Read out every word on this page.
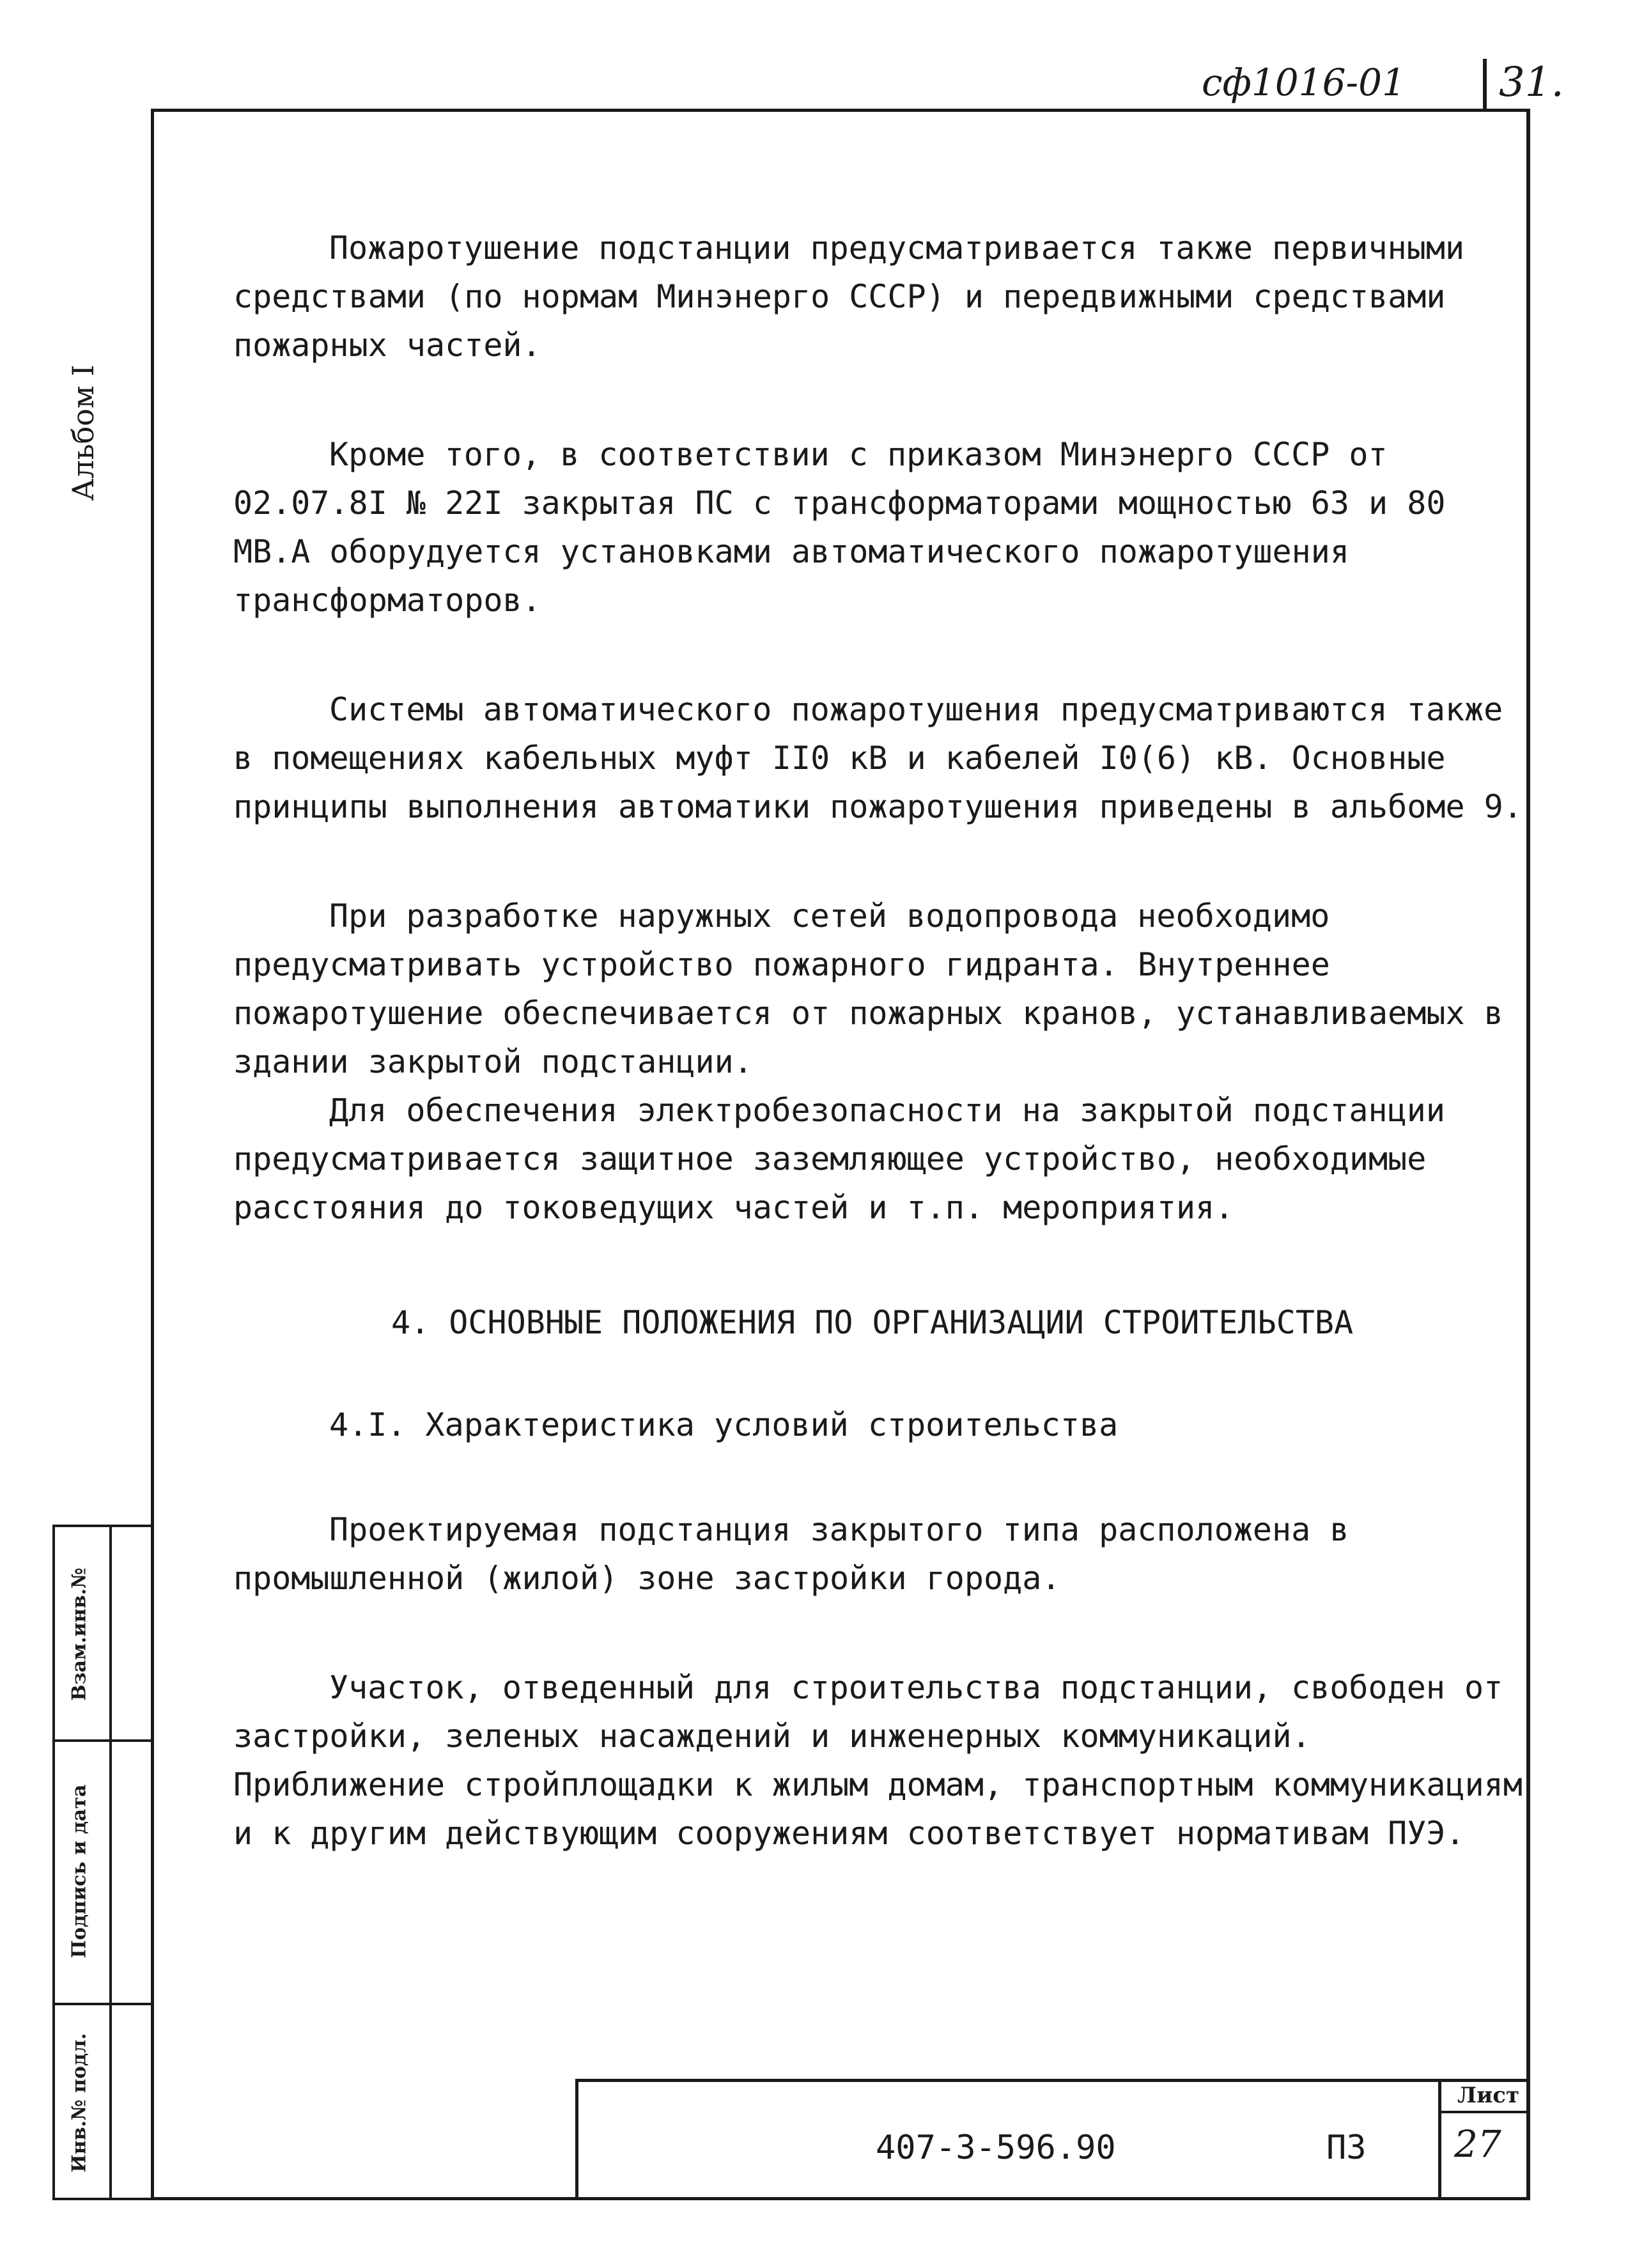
сф1016-01	31.
Альбом I
Взам.инв.№
Подпись и дата
Инв.№ подл.

Пожаротушение подстанции предусматривается также первичными средствами (по нормам Минэнерго СССР) и передвижными средствами пожарных частей.

Кроме того, в соответствии с приказом Минэнерго СССР от 02.07.8I № 22I закрытая ПС с трансформаторами мощностью 63 и 80 МВ.А оборудуется установками автоматического пожаротушения трансформаторов.

Системы автоматического пожаротушения предусматриваются также в помещениях кабельных муфт II0 кВ и кабелей I0(6) кВ. Основные принципы выполнения автоматики пожаротушения приведены в альбоме 9.

При разработке наружных сетей водопровода необходимо предусматривать устройство пожарного гидранта. Внутреннее пожаротушение обеспечивается от пожарных кранов, устанавливаемых в здании закрытой подстанции.

Для обеспечения электробезопасности на закрытой подстанции предусматривается защитное заземляющее устройство, необходимые расстояния до токоведущих частей и т.п. мероприятия.

4. ОСНОВНЫЕ ПОЛОЖЕНИЯ ПО ОРГАНИЗАЦИИ СТРОИТЕЛЬСТВА
4.I. Характеристика условий строительства

Проектируемая подстанция закрытого типа расположена в промышленной (жилой) зоне застройки города.

Участок, отведенный для строительства подстанции, свободен от застройки, зеленых насаждений и инженерных коммуникаций. Приближение стройплощадки к жилым домам, транспортным коммуникациям и к другим действующим сооружениям соответствует нормативам ПУЭ.

407-3-596.90	ПЗ
Лист
27
